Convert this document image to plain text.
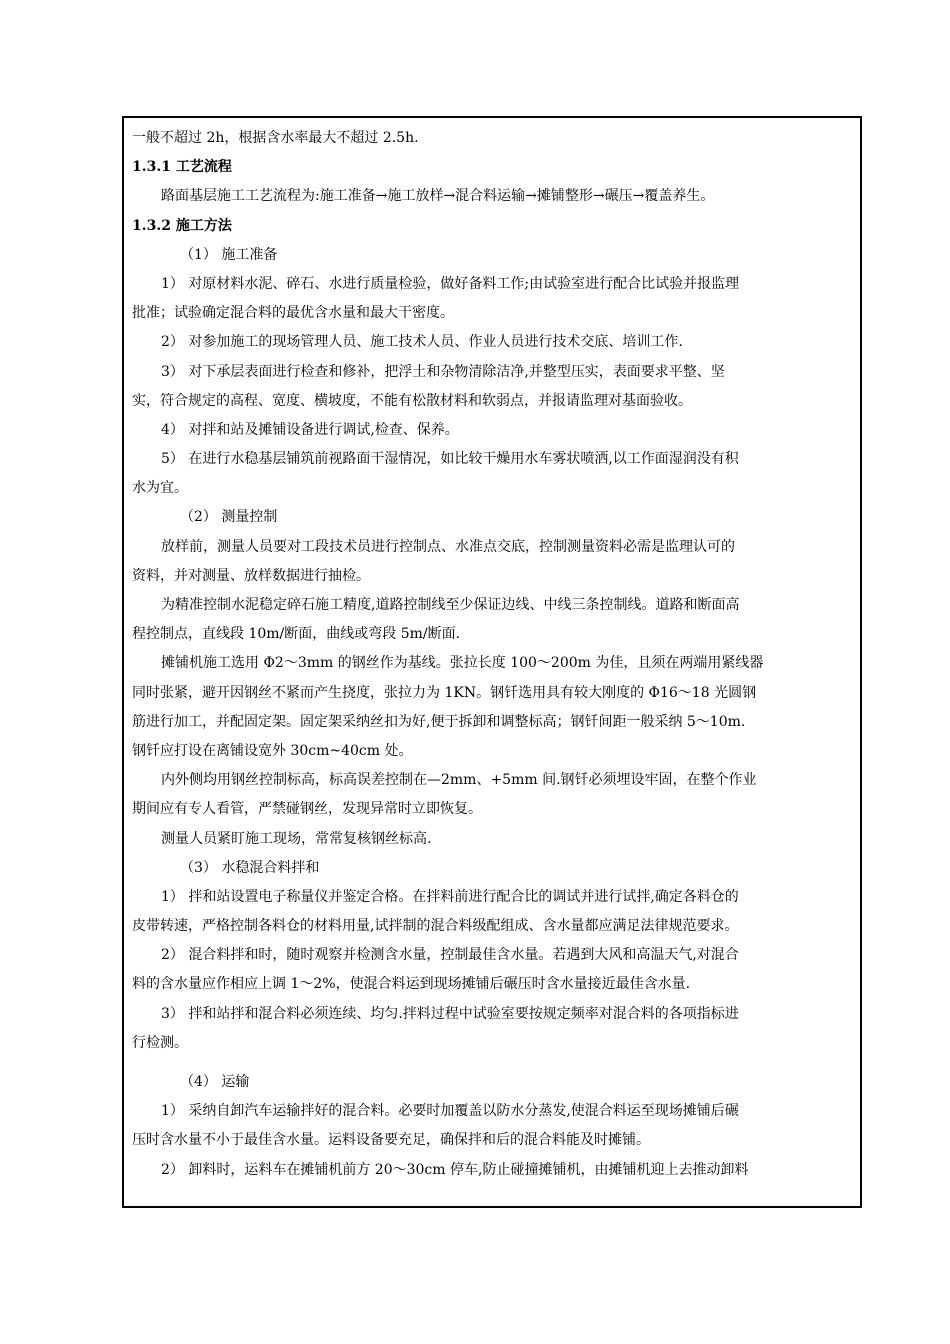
一般不超过 2h，根据含水率最大不超过 2.5h.
1.3.1 工艺流程
路面基层施工工艺流程为:施工准备→施工放样→混合料运输→摊铺整形→碾压→覆盖养生。
1.3.2 施工方法
（1） 施工准备
1） 对原材料水泥、碎石、水进行质量检验，做好备料工作;由试验室进行配合比试验并报监理
批准；试验确定混合料的最优含水量和最大干密度。
2） 对参加施工的现场管理人员、施工技术人员、作业人员进行技术交底、培训工作.
3） 对下承层表面进行检查和修补，把浮土和杂物清除洁净,并整型压实，表面要求平整、坚
实，符合规定的高程、宽度、横坡度，不能有松散材料和软弱点，并报请监理对基面验收。
4） 对拌和站及摊铺设备进行调试,检查、保养。
5） 在进行水稳基层铺筑前视路面干湿情况，如比较干燥用水车雾状喷洒,以工作面湿润没有积
水为宜。
（2） 测量控制
放样前，测量人员要对工段技术员进行控制点、水准点交底，控制测量资料必需是监理认可的
资料，并对测量、放样数据进行抽检。
为精准控制水泥稳定碎石施工精度,道路控制线至少保证边线、中线三条控制线。道路和断面高
程控制点，直线段 10m/断面，曲线或弯段 5m/断面.
摊铺机施工选用 Φ2～3mm 的钢丝作为基线。张拉长度 100～200m 为佳，且须在两端用紧线器
同时张紧，避开因钢丝不紧而产生挠度，张拉力为 1KN。钢钎选用具有较大刚度的 Φ16～18 光圆钢
筋进行加工，并配固定架。固定架采纳丝扣为好,便于拆卸和调整标高；钢钎间距一般采纳 5～10m.
钢钎应打设在离铺设宽外 30cm~40cm 处。
内外侧均用钢丝控制标高，标高误差控制在—2mm、+5mm 间.钢钎必须埋设牢固，在整个作业
期间应有专人看管，严禁碰钢丝，发现异常时立即恢复。
测量人员紧盯施工现场，常常复核钢丝标高.
（3） 水稳混合料拌和
1） 拌和站设置电子称量仪并鉴定合格。在拌料前进行配合比的调试并进行试拌,确定各料仓的
皮带转速，严格控制各料仓的材料用量,试拌制的混合料级配组成、含水量都应满足法律规范要求。
2） 混合料拌和时，随时观察并检测含水量，控制最佳含水量。若遇到大风和高温天气,对混合
料的含水量应作相应上调 1～2%，使混合料运到现场摊铺后碾压时含水量接近最佳含水量.
3） 拌和站拌和混合料必须连续、均匀.拌料过程中试验室要按规定频率对混合料的各项指标进
行检测。
（4） 运输
1） 采纳自卸汽车运输拌好的混合料。必要时加覆盖以防水分蒸发,使混合料运至现场摊铺后碾
压时含水量不小于最佳含水量。运料设备要充足，确保拌和后的混合料能及时摊铺。
2） 卸料时，运料车在摊铺机前方 20～30cm 停车,防止碰撞摊铺机，由摊铺机迎上去推动卸料
